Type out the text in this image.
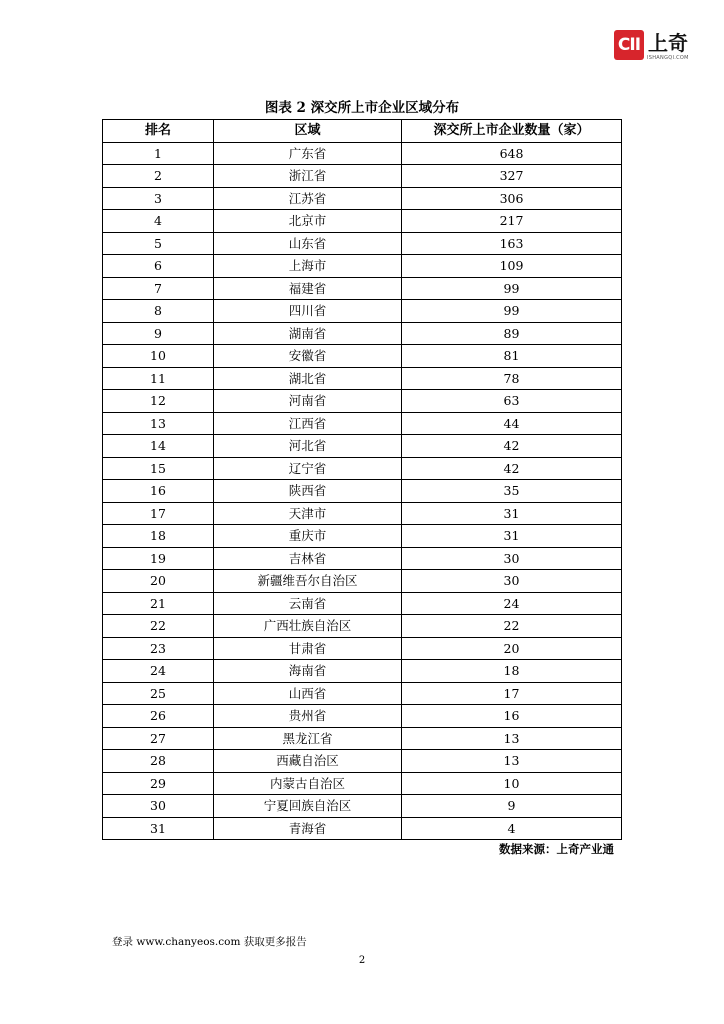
CII 上奇
ISHANGQI.COM
图表 2 深交所上市企业区域分布
排名	区域	深交所上市企业数量（家）
1	广东省	648
2	浙江省	327
3	江苏省	306
4	北京市	217
5	山东省	163
6	上海市	109
7	福建省	99
8	四川省	99
9	湖南省	89
10	安徽省	81
11	湖北省	78
12	河南省	63
13	江西省	44
14	河北省	42
15	辽宁省	42
16	陕西省	35
17	天津市	31
18	重庆市	31
19	吉林省	30
20	新疆维吾尔自治区	30
21	云南省	24
22	广西壮族自治区	22
23	甘肃省	20
24	海南省	18
25	山西省	17
26	贵州省	16
27	黑龙江省	13
28	西藏自治区	13
29	内蒙古自治区	10
30	宁夏回族自治区	9
31	青海省	4
数据来源：上奇产业通
登录 www.chanyeos.com 获取更多报告
2
